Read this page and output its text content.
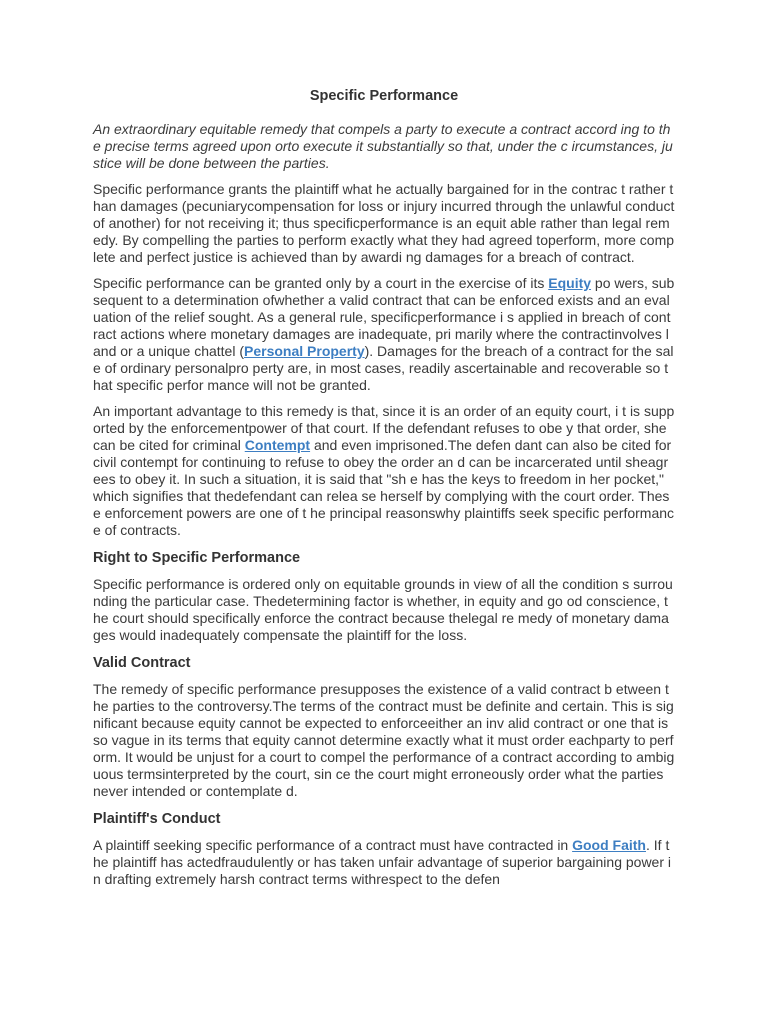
Specific Performance

An extraordinary equitable remedy that compels a party to execute a contract accord ing to the precise terms agreed upon orto execute it substantially so that, under the c ircumstances, justice will be done between the parties.

Specific performance grants the plaintiff what he actually bargained for in the contrac t rather than damages (pecuniarycompensation for loss or injury incurred through the unlawful conduct of another) for not receiving it; thus specificperformance is an equit able rather than legal remedy. By compelling the parties to perform exactly what they had agreed toperform, more complete and perfect justice is achieved than by awardi ng damages for a breach of contract.

Specific performance can be granted only by a court in the exercise of its Equity po wers, subsequent to a determination ofwhether a valid contract that can be enforced exists and an evaluation of the relief sought. As a general rule, specificperformance i s applied in breach of contract actions where monetary damages are inadequate, pri marily where the contractinvolves land or a unique chattel (Personal Property). Damages for the breach of a contract for the sale of ordinary personalpro perty are, in most cases, readily ascertainable and recoverable so that specific perfor mance will not be granted.

An important advantage to this remedy is that, since it is an order of an equity court, i t is supported by the enforcementpower of that court. If the defendant refuses to obe y that order, she can be cited for criminal Contempt and even imprisoned.The defen dant can also be cited for civil contempt for continuing to refuse to obey the order an d can be incarcerated until sheagrees to obey it. In such a situation, it is said that "sh e has the keys to freedom in her pocket," which signifies that thedefendant can relea se herself by complying with the court order. These enforcement powers are one of t he principal reasonswhy plaintiffs seek specific performance of contracts.

Right to Specific Performance

Specific performance is ordered only on equitable grounds in view of all the condition s surrounding the particular case. Thedetermining factor is whether, in equity and go od conscience, the court should specifically enforce the contract because thelegal re medy of monetary damages would inadequately compensate the plaintiff for the loss.

Valid Contract

The remedy of specific performance presupposes the existence of a valid contract b etween the parties to the controversy.The terms of the contract must be definite and certain. This is significant because equity cannot be expected to enforceeither an inv alid contract or one that is so vague in its terms that equity cannot determine exactly what it must order eachparty to perform. It would be unjust for a court to compel the performance of a contract according to ambiguous termsinterpreted by the court, sin ce the court might erroneously order what the parties never intended or contemplate d.

Plaintiff's Conduct

A plaintiff seeking specific performance of a contract must have contracted in Good Faith. If the plaintiff has actedfraudulently or has taken unfair advantage of superior bargaining power in drafting extremely harsh contract terms withrespect to the defen
